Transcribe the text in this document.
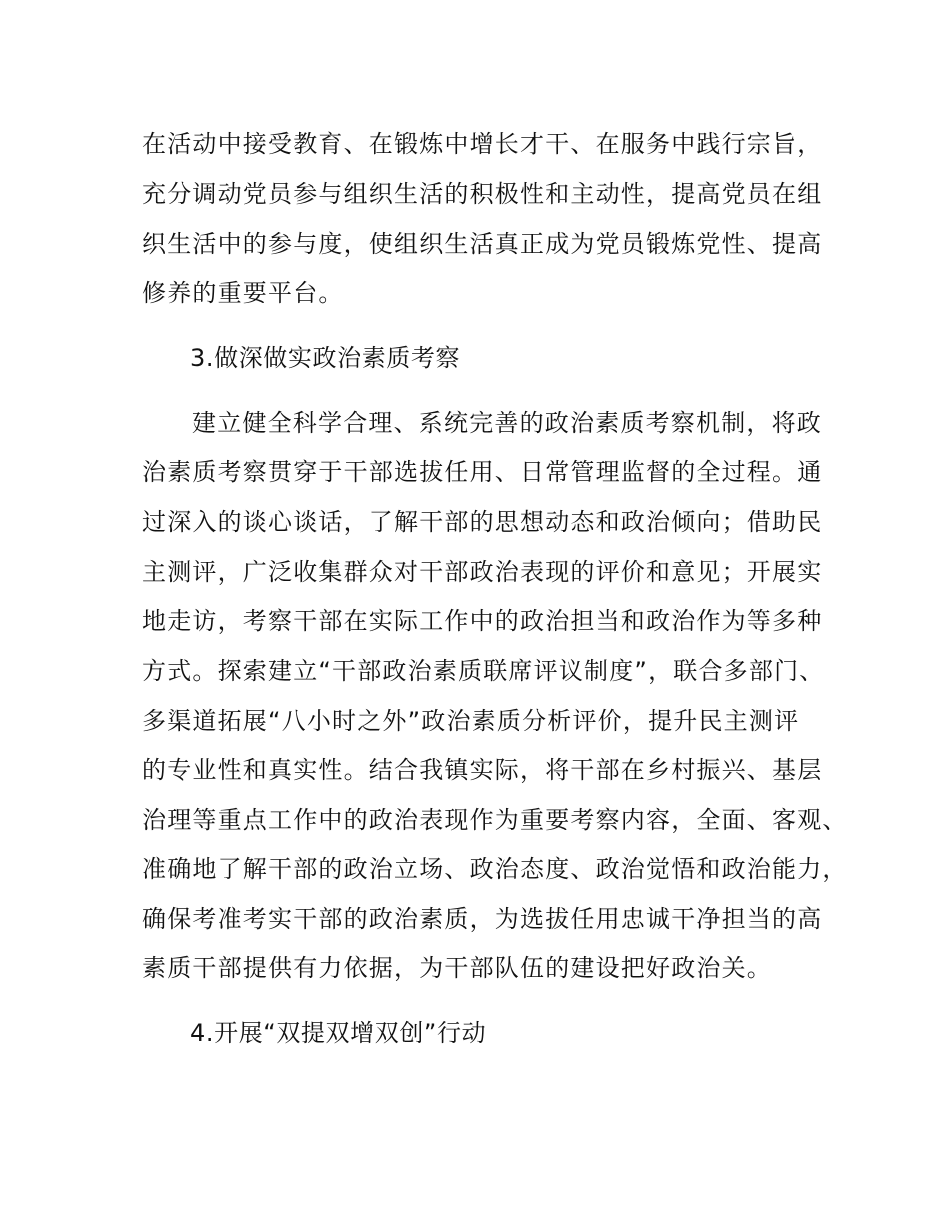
在活动中接受教育、在锻炼中增长才干、在服务中践行宗旨，
充分调动党员参与组织生活的积极性和主动性，提高党员在组
织生活中的参与度，使组织生活真正成为党员锻炼党性、提高
修养的重要平台。
3.做深做实政治素质考察
建立健全科学合理、系统完善的政治素质考察机制，将政
治素质考察贯穿于干部选拔任用、日常管理监督的全过程。通
过深入的谈心谈话，了解干部的思想动态和政治倾向；借助民
主测评，广泛收集群众对干部政治表现的评价和意见；开展实
地走访，考察干部在实际工作中的政治担当和政治作为等多种
方式。探索建立“干部政治素质联席评议制度”，联合多部门、
多渠道拓展“八小时之外”政治素质分析评价，提升民主测评
的专业性和真实性。结合我镇实际，将干部在乡村振兴、基层
治理等重点工作中的政治表现作为重要考察内容，全面、客观、
准确地了解干部的政治立场、政治态度、政治觉悟和政治能力，
确保考准考实干部的政治素质，为选拔任用忠诚干净担当的高
素质干部提供有力依据，为干部队伍的建设把好政治关。
4.开展“双提双增双创”行动
